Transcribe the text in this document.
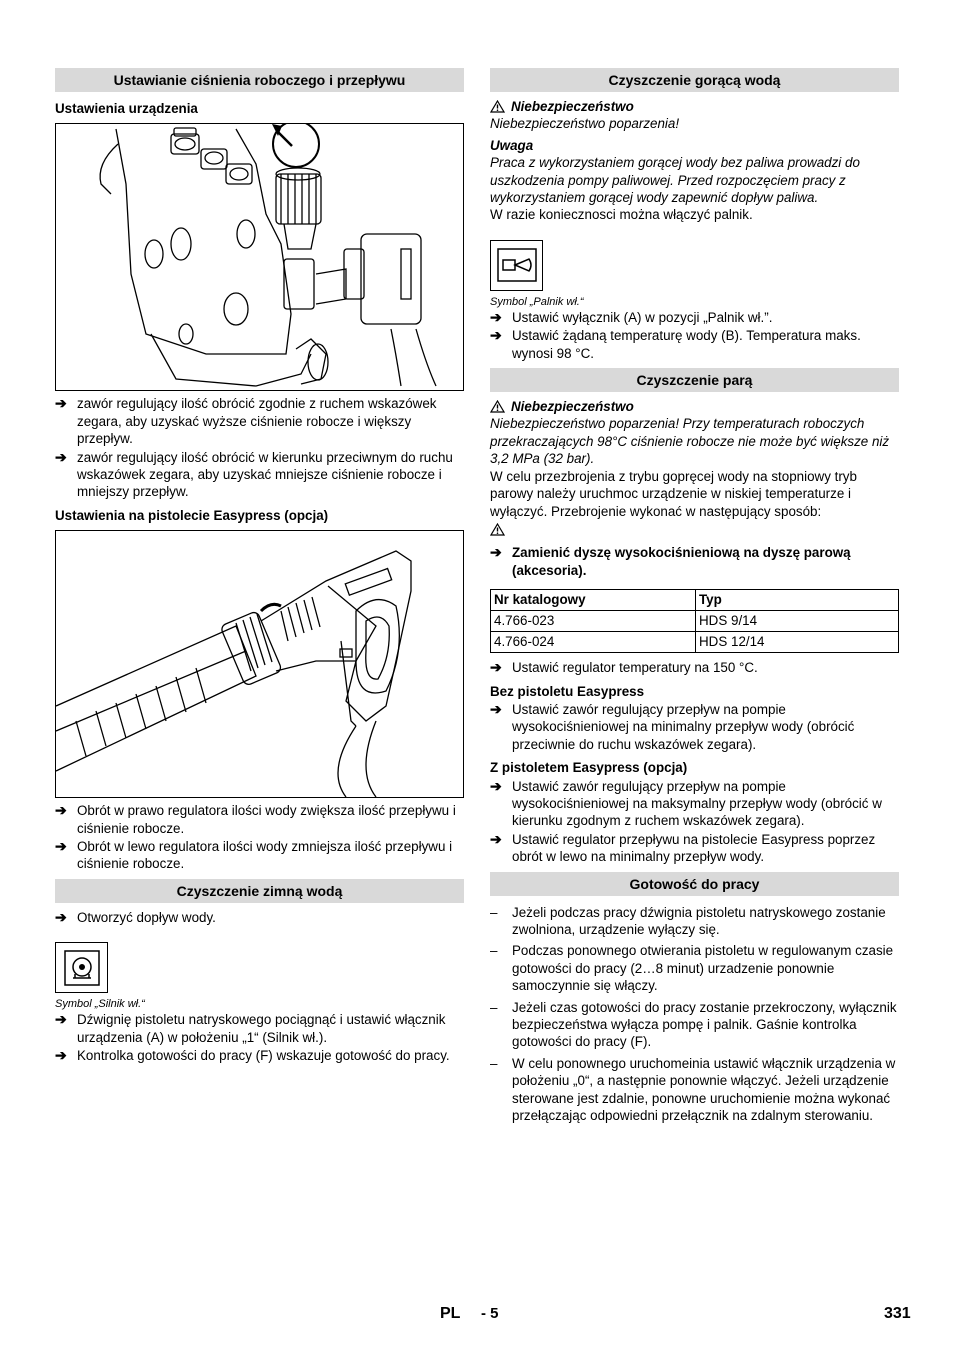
Ustawianie ciśnienia roboczego i przepływu
Ustawienia urządzenia
➔ zawór regulujący ilość obrócić zgodnie z ruchem wskazówek zegara, aby uzyskać wyższe ciśnienie robocze i większy przepływ.
➔ zawór regulujący ilość obrócić w kierunku przeciwnym do ruchu wskazówek zegara, aby uzyskać mniejsze ciśnienie robocze i mniejszy przepływ.
Ustawienia na pistolecie Easypress (opcja)
➔ Obrót w prawo regulatora ilości wody zwiększa ilość przepływu i ciśnienie robocze.
➔ Obrót w lewo regulatora ilości wody zmniejsza ilość przepływu i ciśnienie robocze.
Czyszczenie zimną wodą
➔ Otworzyć dopływ wody.
Symbol „Silnik wł.“
➔ Dźwignię pistoletu natryskowego pociągnąć i ustawić włącznik urządzenia (A) w położeniu „1“ (Silnik wł.).
➔ Kontrolka gotowości do pracy (F) wskazuje gotowość do pracy.
Czyszczenie gorącą wodą
Niebezpieczeństwo
Niebezpieczeństwo poparzenia!
Uwaga
Praca z wykorzystaniem gorącej wody bez paliwa prowadzi do uszkodzenia pompy paliwowej. Przed rozpoczęciem pracy z wykorzystaniem gorącej wody zapewnić dopływ paliwa.
W razie koniecznosci można włączyć palnik.
Symbol „Palnik wł.“
➔ Ustawić wyłącznik (A) w pozycji „Palnik wł.”.
➔ Ustawić żądaną temperaturę wody (B). Temperatura maks. wynosi 98 °C.
Czyszczenie parą
Niebezpieczeństwo
Niebezpieczeństwo poparzenia! Przy temperaturach roboczych przekraczających 98°C ciśnienie robocze nie może być większe niż 3,2 MPa (32 bar).
W celu przezbrojenia z trybu gopręcej wody na stopniowy tryb parowy należy uruchmoc urządzenie w niskiej temperaturze i wyłączyć. Przebrojenie wykonać w następujący sposób:
➔ Zamienić dyszę wysokociśnieniową na dyszę parową (akcesoria).
Nr katalogowy	Typ
4.766-023	HDS 9/14
4.766-024	HDS 12/14
➔ Ustawić regulator temperatury na 150 °C.
Bez pistoletu Easypress
➔ Ustawić zawór regulujący przepływ na pompie wysokociśnieniowej na minimalny przepływ wody (obrócić przeciwnie do ruchu wskazówek zegara).
Z pistoletem Easypress (opcja)
➔ Ustawić zawór regulujący przepływ na pompie wysokociśnieniowej na maksymalny przepływ wody (obrócić w kierunku zgodnym z ruchem wskazówek zegara).
➔ Ustawić regulator przepływu na pistolecie Easypress poprzez obrót w lewo na minimalny przepływ wody.
Gotowość do pracy
– Jeżeli podczas pracy dźwignia pistoletu natryskowego zostanie zwolniona, urządzenie wyłączy się.
– Podczas ponownego otwierania pistoletu w regulowanym czasie gotowości do pracy (2…8 minut) urzadzenie ponownie samoczynnie się włączy.
– Jeżeli czas gotowości do pracy zostanie przekroczony, wyłącznik bezpieczeństwa wyłącza pompę i palnik. Gaśnie kontrolka gotowości do pracy (F).
– W celu ponownego uruchomeinia ustawić włącznik urządzenia w położeniu „0“, a następnie ponownie włączyć. Jeżeli urządzenie sterowane jest zdalnie, ponowne uruchomienie można wykonać przełączając odpowiedni przełącznik na zdalnym sterowaniu.
PL - 5	331
